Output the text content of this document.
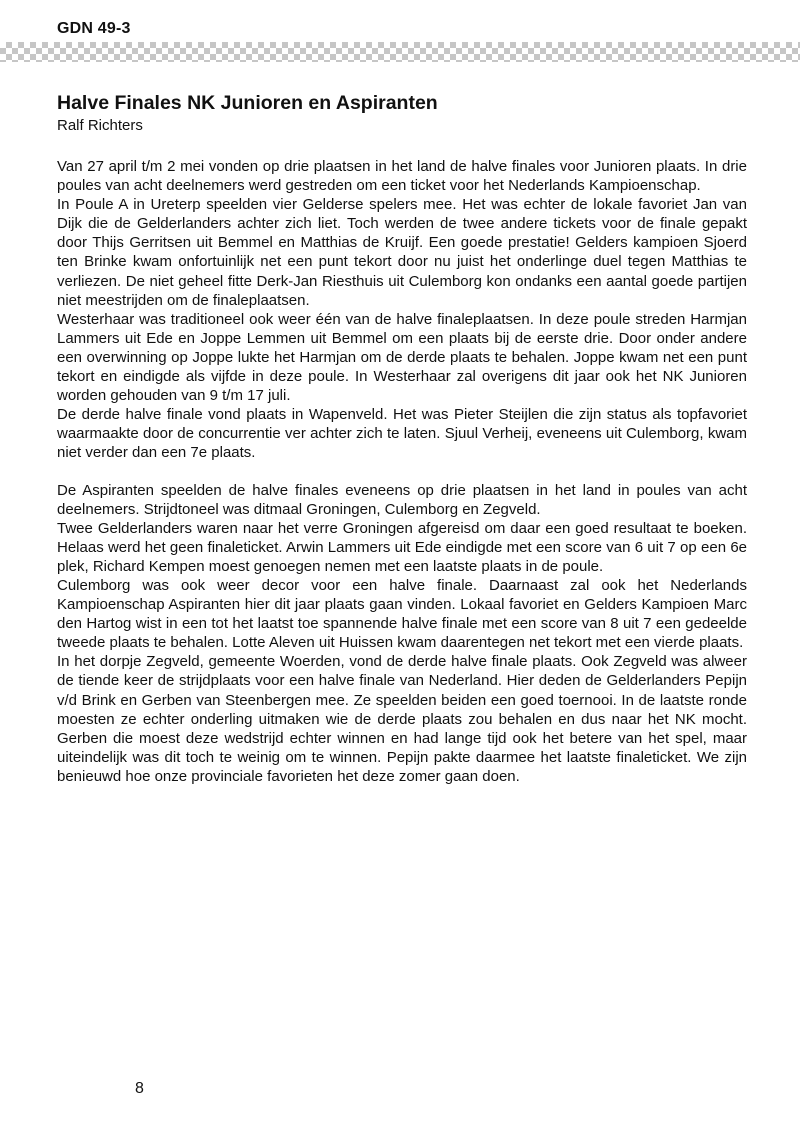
GDN 49-3
Halve Finales NK Junioren en Aspiranten
Ralf Richters

Van 27 april t/m 2 mei vonden op drie plaatsen in het land de halve finales voor Junioren plaats. In drie poules van acht deelnemers werd gestreden om een ticket voor het Nederlands Kampioenschap.

In Poule A in Ureterp speelden vier Gelderse spelers mee. Het was echter de lokale favoriet Jan van Dijk die de Gelderlanders achter zich liet. Toch werden de twee andere tickets voor de finale gepakt door Thijs Gerritsen uit Bemmel en Matthias de Kruijf. Een goede prestatie! Gelders kampioen Sjoerd ten Brinke kwam onfortuinlijk net een punt tekort door nu juist het onderlinge duel tegen Matthias te verliezen. De niet geheel fitte Derk-Jan Riesthuis uit Culemborg kon ondanks een aantal goede partijen niet meestrijden om de finaleplaatsen.

Westerhaar was traditioneel ook weer één van de halve finaleplaatsen. In deze poule streden Harmjan Lammers uit Ede en Joppe Lemmen uit Bemmel om een plaats bij de eerste drie. Door onder andere een overwinning op Joppe lukte het Harmjan om de derde plaats te behalen. Joppe kwam net een punt tekort en eindigde als vijfde in deze poule. In Westerhaar zal overigens dit jaar ook het NK Junioren worden gehouden van 9 t/m 17 juli.

De derde halve finale vond plaats in Wapenveld. Het was Pieter Steijlen die zijn status als topfavoriet waarmaakte door de concurrentie ver achter zich te laten. Sjuul Verheij, eveneens uit Culemborg, kwam niet verder dan een 7e plaats.

De Aspiranten speelden de halve finales eveneens op drie plaatsen in het land in poules van acht deelnemers. Strijdtoneel was ditmaal Groningen, Culemborg en Zegveld.

Twee Gelderlanders waren naar het verre Groningen afgereisd om daar een goed resultaat te boeken. Helaas werd het geen finaleticket. Arwin Lammers uit Ede eindigde met een score van 6 uit 7 op een 6e plek, Richard Kempen moest genoegen nemen met een laatste plaats in de poule.

Culemborg was ook weer decor voor een halve finale. Daarnaast zal ook het Nederlands Kampioenschap Aspiranten hier dit jaar plaats gaan vinden. Lokaal favoriet en Gelders Kampioen Marc den Hartog wist in een tot het laatst toe spannende halve finale met een score van 8 uit 7 een gedeelde tweede plaats te behalen. Lotte Aleven uit Huissen kwam daarentegen net tekort met een vierde plaats.

In het dorpje Zegveld, gemeente Woerden, vond de derde halve finale plaats. Ook Zegveld was alweer de tiende keer de strijdplaats voor een halve finale van Nederland. Hier deden de Gelderlanders Pepijn v/d Brink en Gerben van Steenbergen mee. Ze speelden beiden een goed toernooi. In de laatste ronde moesten ze echter onderling uitmaken wie de derde plaats zou behalen en dus naar het NK mocht. Gerben die moest deze wedstrijd echter winnen en had lange tijd ook het betere van het spel, maar uiteindelijk was dit toch te weinig om te winnen. Pepijn pakte daarmee het laatste finaleticket. We zijn benieuwd hoe onze provinciale favorieten het deze zomer gaan doen.

8
